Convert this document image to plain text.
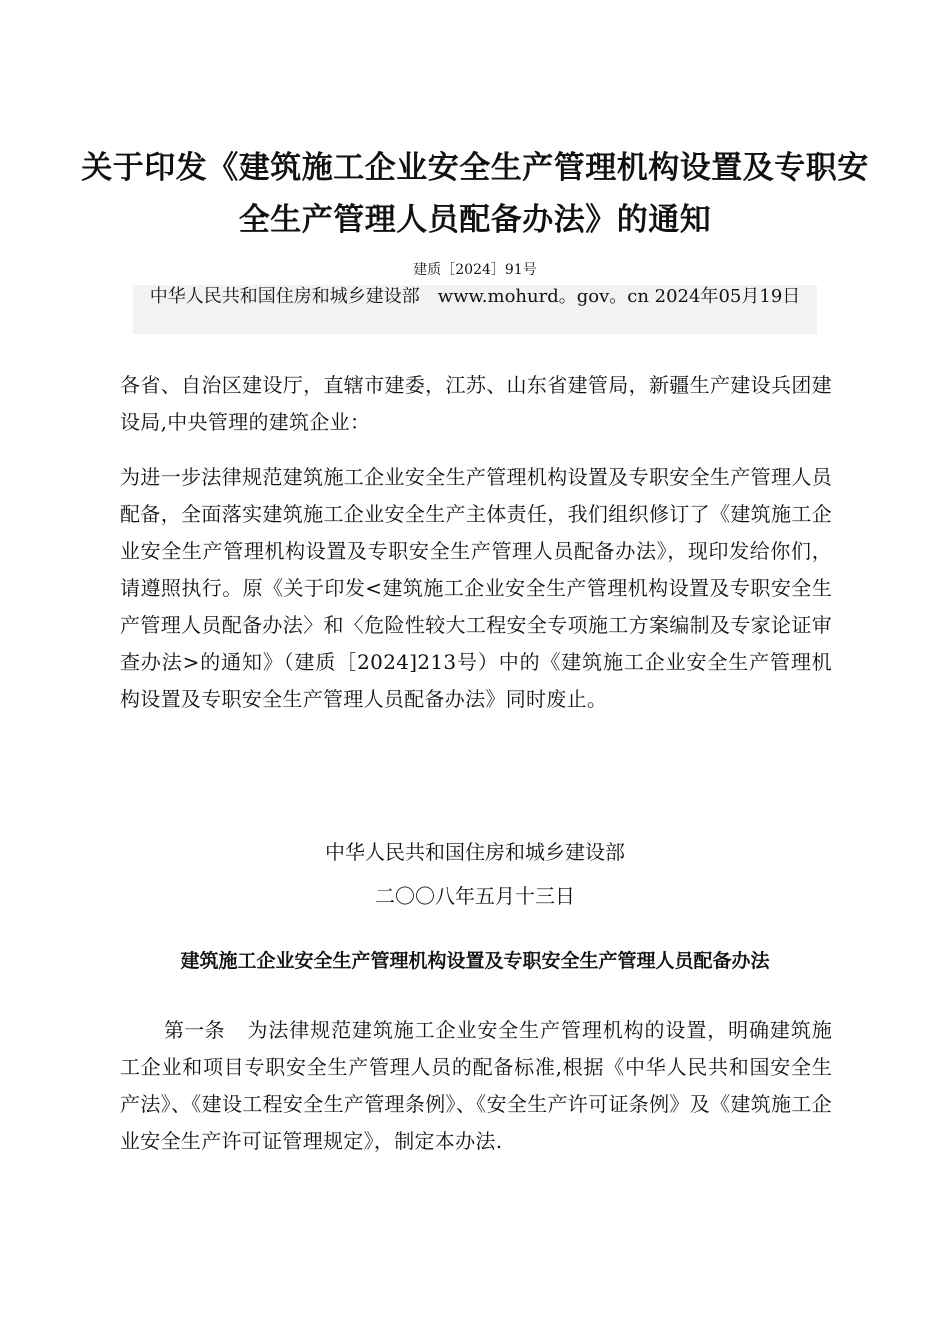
关于印发《建筑施工企业安全生产管理机构设置及专职安全生产管理人员配备办法》的通知
建质［2024］91号
中华人民共和国住房和城乡建设部　www.mohurd。gov。cn 2024年05月19日
各省、自治区建设厅，直辖市建委，江苏、山东省建管局，新疆生产建设兵团建设局,中央管理的建筑企业：
为进一步法律规范建筑施工企业安全生产管理机构设置及专职安全生产管理人员配备，全面落实建筑施工企业安全生产主体责任，我们组织修订了《建筑施工企业安全生产管理机构设置及专职安全生产管理人员配备办法》，现印发给你们，请遵照执行。原《关于印发<建筑施工企业安全生产管理机构设置及专职安全生产管理人员配备办法〉和〈危险性较大工程安全专项施工方案编制及专家论证审查办法>的通知》（建质［2024]213号）中的《建筑施工企业安全生产管理机构设置及专职安全生产管理人员配备办法》同时废止。
中华人民共和国住房和城乡建设部
二〇〇八年五月十三日
建筑施工企业安全生产管理机构设置及专职安全生产管理人员配备办法
第一条 为法律规范建筑施工企业安全生产管理机构的设置，明确建筑施工企业和项目专职安全生产管理人员的配备标准,根据《中华人民共和国安全生产法》、《建设工程安全生产管理条例》、《安全生产许可证条例》及《建筑施工企业安全生产许可证管理规定》，制定本办法.
